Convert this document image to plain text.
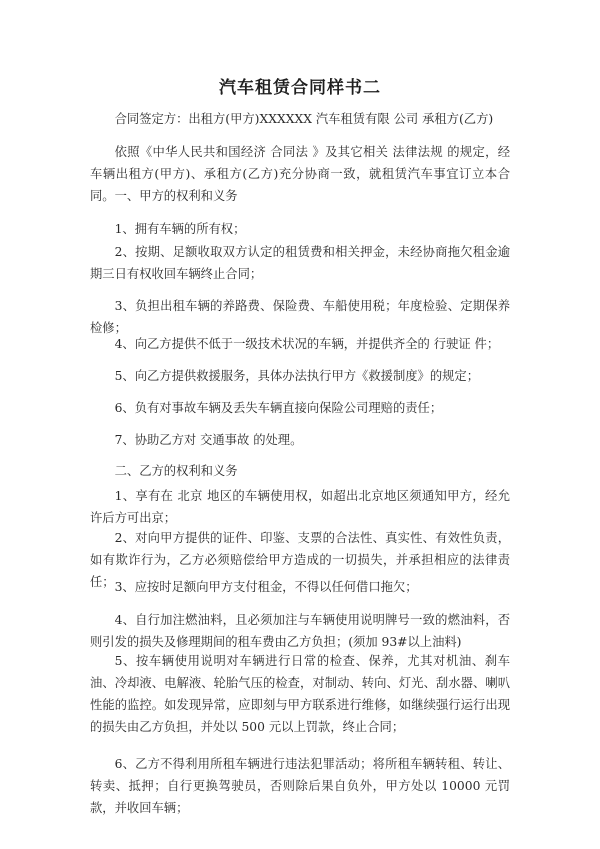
汽车租赁合同样书二

合同签定方：出租方(甲方)XXXXXX 汽车租赁有限 公司 承租方(乙方)

依照《中华人民共和国经济 合同法 》及其它相关 法律法规 的规定，经车辆出租方(甲方)、承租方(乙方)充分协商一致，就租赁汽车事宜订立本合同。 一、甲方的权利和义务

1、拥有车辆的所有权；

2、按期、足额收取双方认定的租赁费和相关押金，未经协商拖欠租金逾期三日有权收回车辆终止合同；

3、负担出租车辆的养路费、保险费、车船使用税；年度检验、定期保养检修；

4、向乙方提供不低于一级技术状况的车辆，并提供齐全的 行驶证 件；

5、向乙方提供救援服务，具体办法执行甲方《救援制度》的规定；

6、负有对事故车辆及丢失车辆直接向保险公司理赔的责任；

7、协助乙方对 交通事故 的处理。

二、乙方的权利和义务

1、享有在 北京 地区的车辆使用权，如超出北京地区须通知甲方，经允许后方可出京；

2、对向甲方提供的证件、印鉴、支票的合法性、真实性、有效性负责，如有欺诈行为，乙方必须赔偿给甲方造成的一切损失，并承担相应的法律责任； 3、应按时足额向甲方支付租金，不得以任何借口拖欠；

4、自行加注燃油料，且必须加注与车辆使用说明牌号一致的燃油料，否则引发的损失及修理期间的租车费由乙方负担；(须加 93#以上油料)

5、按车辆使用说明对车辆进行日常的检查、保养，尤其对机油、刹车油、冷却液、电解液、轮胎气压的检查，对制动、转向、灯光、刮水器、喇叭性能的监控。如发现异常，应即刻与甲方联系进行维修，如继续强行运行出现的损失由乙方负担，并处以 500 元以上罚款，终止合同；

6、乙方不得利用所租车辆进行违法犯罪活动；将所租车辆转租、转让、转卖、抵押；自行更换驾驶员，否则除后果自负外，甲方处以 10000 元罚款，并收回车辆；
